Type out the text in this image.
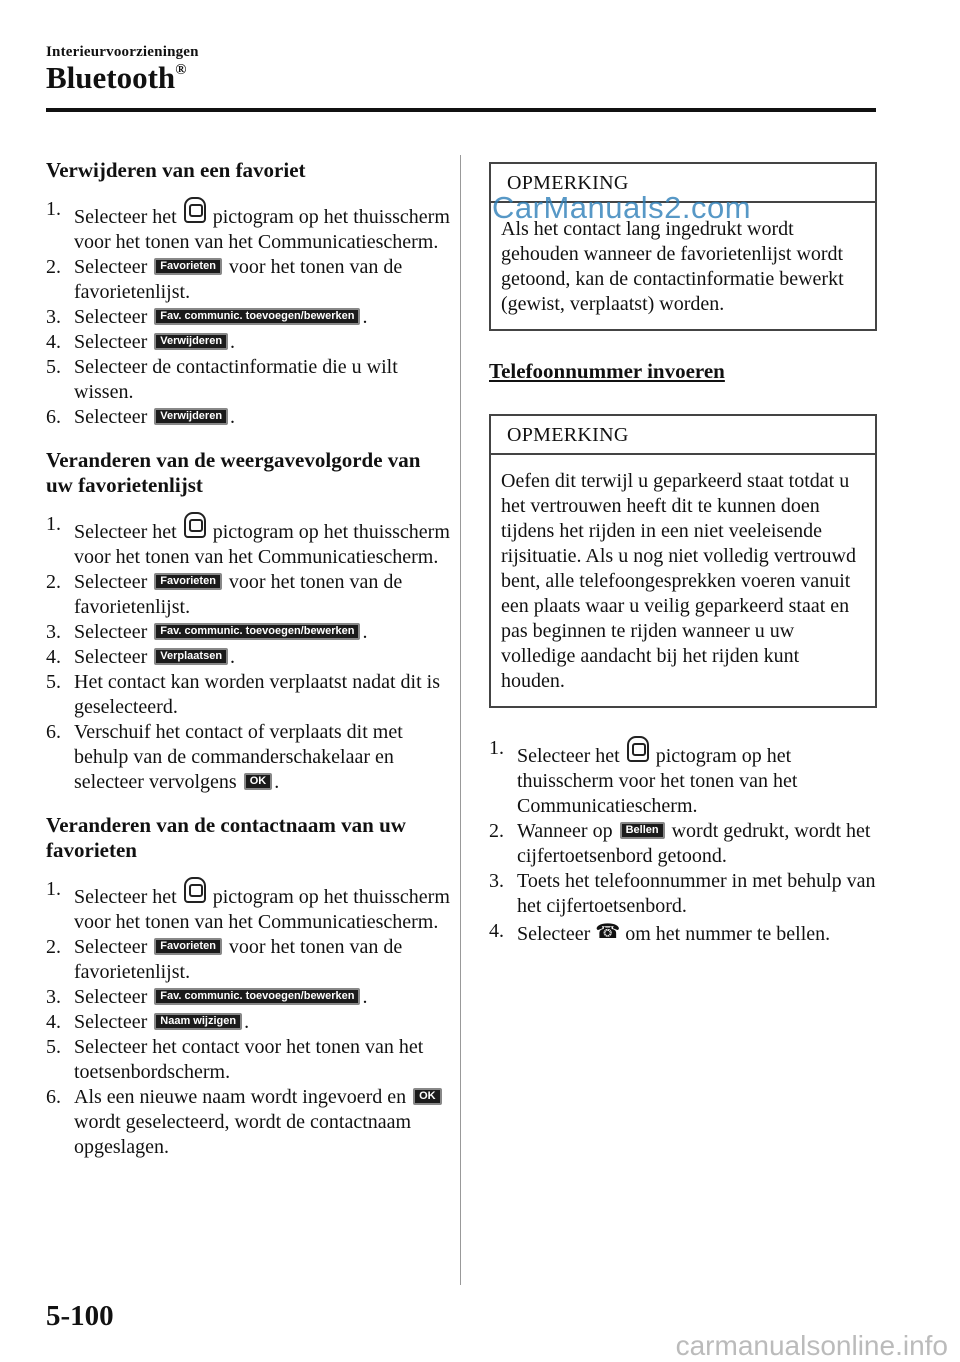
Interieurvoorzieningen
Bluetooth®
Verwijderen van een favoriet
1. Selecteer het  pictogram op het thuisscherm voor het tonen van het Communicatiescherm.
2. Selecteer Favorieten voor het tonen van de favorietenlijst.
3. Selecteer Fav. communic. toevoegen/bewerken .
4. Selecteer Verwijderen .
5. Selecteer de contactinformatie die u wilt wissen.
6. Selecteer Verwijderen .
Veranderen van de weergavevolgorde van uw favorietenlijst
1. Selecteer het  pictogram op het thuisscherm voor het tonen van het Communicatiescherm.
2. Selecteer Favorieten voor het tonen van de favorietenlijst.
3. Selecteer Fav. communic. toevoegen/bewerken .
4. Selecteer Verplaatsen .
5. Het contact kan worden verplaatst nadat dit is geselecteerd.
6. Verschuif het contact of verplaats dit met behulp van de commanderschakelaar en selecteer vervolgens OK .
Veranderen van de contactnaam van uw favorieten
1. Selecteer het  pictogram op het thuisscherm voor het tonen van het Communicatiescherm.
2. Selecteer Favorieten voor het tonen van de favorietenlijst.
3. Selecteer Fav. communic. toevoegen/bewerken .
4. Selecteer Naam wijzigen .
5. Selecteer het contact voor het tonen van het toetsenbordscherm.
6. Als een nieuwe naam wordt ingevoerd en OK wordt geselecteerd, wordt de contactnaam opgeslagen.
OPMERKING
Als het contact lang ingedrukt wordt gehouden wanneer de favorietenlijst wordt getoond, kan de contactinformatie bewerkt (gewist, verplaatst) worden.
Telefoonnummer invoeren
OPMERKING
Oefen dit terwijl u geparkeerd staat totdat u het vertrouwen heeft dit te kunnen doen tijdens het rijden in een niet veeleisende rijsituatie. Als u nog niet volledig vertrouwd bent, alle telefoongesprekken voeren vanuit een plaats waar u veilig geparkeerd staat en pas beginnen te rijden wanneer u uw volledige aandacht bij het rijden kunt houden.
1. Selecteer het  pictogram op het thuisscherm voor het tonen van het Communicatiescherm.
2. Wanneer op Bellen wordt gedrukt, wordt het cijfertoetsenbord getoond.
3. Toets het telefoonnummer in met behulp van het cijfertoetsenbord.
4. Selecteer ☎ om het nummer te bellen.
CarManuals2.com
5-100
carmanualsonline.info
